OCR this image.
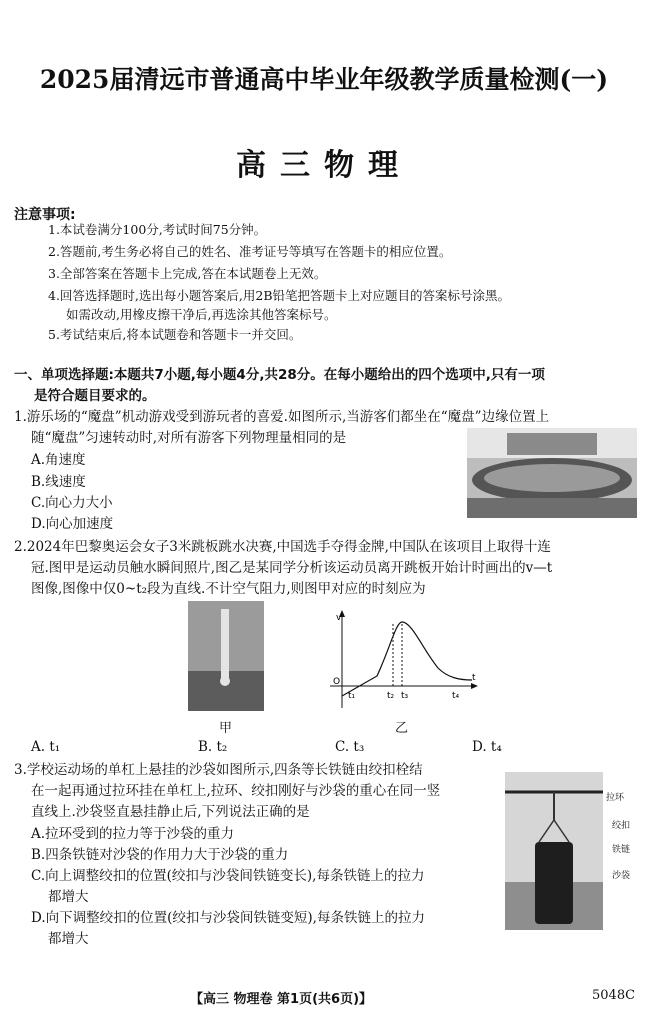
2025届清远市普通高中毕业年级教学质量检测(一)
高三物理
注意事项:
1.本试卷满分100分,考试时间75分钟。
2.答题前,考生务必将自己的姓名、准考证号等填写在答题卡的相应位置。
3.全部答案在答题卡上完成,答在本试题卷上无效。
4.回答选择题时,选出每小题答案后,用2B铅笔把答题卡上对应题目的答案标号涂黑。
如需改动,用橡皮擦干净后,再选涂其他答案标号。
5.考试结束后,将本试题卷和答题卡一并交回。
一、单项选择题:本题共7小题,每小题4分,共28分。在每小题给出的四个选项中,只有一项
是符合题目要求的。
1.游乐场的“魔盘”机动游戏受到游玩者的喜爱.如图所示,当游客们都坐在“魔盘”边缘位置上
随“魔盘”匀速转动时,对所有游客下列物理量相同的是
A.角速度
B.线速度
C.向心力大小
D.向心加速度
2.2024年巴黎奥运会女子3米跳板跳水决赛,中国选手夺得金牌,中国队在该项目上取得十连
冠.图甲是运动员触水瞬间照片,图乙是某同学分析该运动员离开跳板开始计时画出的v—t
图像,图像中仅0~t₂段为直线.不计空气阻力,则图甲对应的时刻应为
甲
v
t
O
t₁	t₂ t₃	t₄
乙
A. t₁	B. t₂	C. t₃	D. t₄
3.学校运动场的单杠上悬挂的沙袋如图所示,四条等长铁链由绞扣栓结
在一起再通过拉环挂在单杠上,拉环、绞扣刚好与沙袋的重心在同一竖
直线上.沙袋竖直悬挂静止后,下列说法正确的是
A.拉环受到的拉力等于沙袋的重力
B.四条铁链对沙袋的作用力大于沙袋的重力
C.向上调整绞扣的位置(绞扣与沙袋间铁链变长),每条铁链上的拉力
都增大
D.向下调整绞扣的位置(绞扣与沙袋间铁链变短),每条铁链上的拉力
都增大
拉环
绞扣
铁链
沙袋
【高三 物理卷 第1页(共6页)】	5048C
